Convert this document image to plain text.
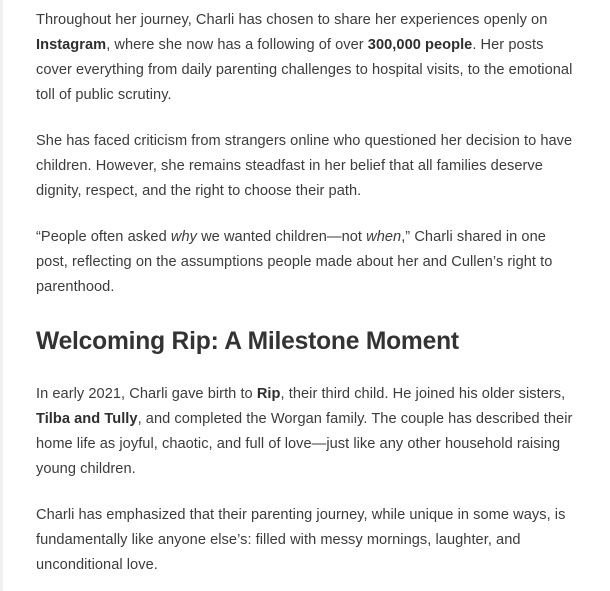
Throughout her journey, Charli has chosen to share her experiences openly on Instagram, where she now has a following of over 300,000 people. Her posts cover everything from daily parenting challenges to hospital visits, to the emotional toll of public scrutiny.

She has faced criticism from strangers online who questioned her decision to have children. However, she remains steadfast in her belief that all families deserve dignity, respect, and the right to choose their path.

“People often asked why we wanted children—not when,” Charli shared in one post, reflecting on the assumptions people made about her and Cullen’s right to parenthood.

Welcoming Rip: A Milestone Moment

In early 2021, Charli gave birth to Rip, their third child. He joined his older sisters, Tilba and Tully, and completed the Worgan family. The couple has described their home life as joyful, chaotic, and full of love—just like any other household raising young children.

Charli has emphasized that their parenting journey, while unique in some ways, is fundamentally like anyone else’s: filled with messy mornings, laughter, and unconditional love.
